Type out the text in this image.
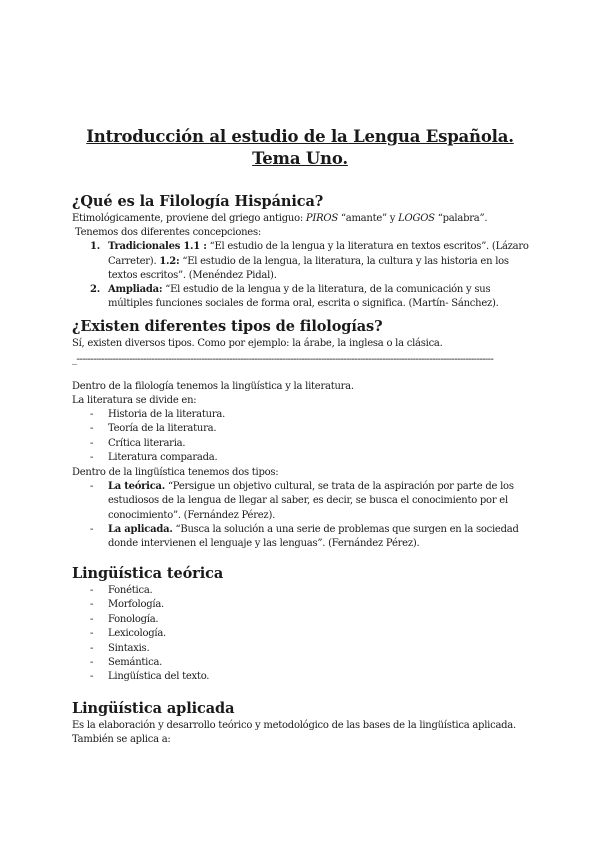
Introducción al estudio de la Lengua Española.
Tema Uno.
¿Qué es la Filología Hispánica?

Etimológicamente, proviene del griego antiguo: PIROS “amante” y LOGOS “palabra”.

Tenemos dos diferentes concepciones:

1. Tradicionales 1.1 : “El estudio de la lengua y la literatura en textos escritos”. (Lázaro Carreter). 1.2: “El estudio de la lengua, la literatura, la cultura y las historia en los textos escritos”. (Menéndez Pidal).
2. Ampliada: “El estudio de la lengua y de la literatura, de la comunicación y sus múltiples funciones sociales de forma oral, escrita o significa. (Martín- Sánchez).
¿Existen diferentes tipos de filologías?

Sí, existen diversos tipos. Como por ejemplo: la árabe, la inglesa o la clásica.

_------------------------------------------------------------------------------------------------------------------------------------------------------

Dentro de la filología tenemos la lingüística y la literatura.

La literatura se divide en:

- Historia de la literatura.
- Teoría de la literatura.
- Crítica literaria.
- Literatura comparada.

Dentro de la lingüística tenemos dos tipos:

- La teórica. “Persigue un objetivo cultural, se trata de la aspiración por parte de los estudiosos de la lengua de llegar al saber, es decir, se busca el conocimiento por el conocimiento”. (Fernández Pérez).
- La aplicada. “Busca la solución a una serie de problemas que surgen en la sociedad donde intervienen el lenguaje y las lenguas”. (Fernández Pérez).
Lingüística teórica
- Fonética.
- Morfología.
- Fonología.
- Lexicología.
- Sintaxis.
- Semántica.
- Lingüística del texto.
Lingüística aplicada

Es la elaboración y desarrollo teórico y metodológico de las bases de la lingüística aplicada.

También se aplica a:
